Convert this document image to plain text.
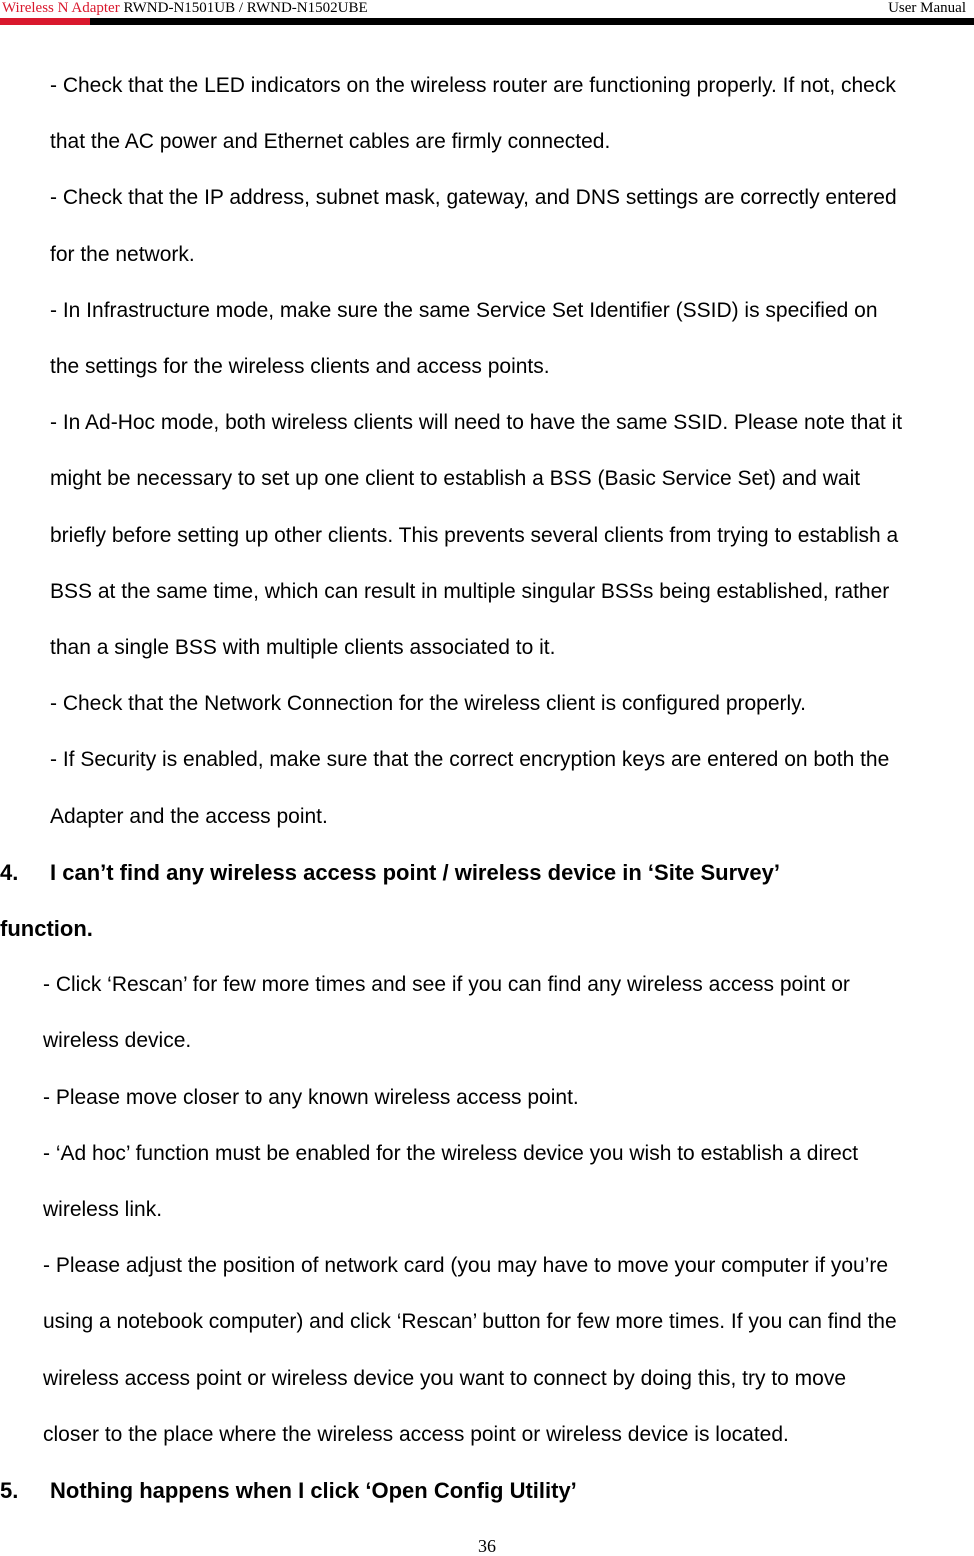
Wireless N Adapter RWND-N1501UB / RWND-N1502UBE	User Manual

- Check that the LED indicators on the wireless router are functioning properly. If not, check

that the AC power and Ethernet cables are firmly connected.

- Check that the IP address, subnet mask, gateway, and DNS settings are correctly entered

for the network.

- In Infrastructure mode, make sure the same Service Set Identifier (SSID) is specified on

the settings for the wireless clients and access points.

- In Ad-Hoc mode, both wireless clients will need to have the same SSID. Please note that it

might be necessary to set up one client to establish a BSS (Basic Service Set) and wait

briefly before setting up other clients. This prevents several clients from trying to establish a

BSS at the same time, which can result in multiple singular BSSs being established, rather

than a single BSS with multiple clients associated to it.

- Check that the Network Connection for the wireless client is configured properly.

- If Security is enabled, make sure that the correct encryption keys are entered on both the

Adapter and the access point.

4. I can’t find any wireless access point / wireless device in ‘Site Survey’

function.

- Click ‘Rescan’ for few more times and see if you can find any wireless access point or

wireless device.

- Please move closer to any known wireless access point.

- ‘Ad hoc’ function must be enabled for the wireless device you wish to establish a direct

wireless link.

- Please adjust the position of network card (you may have to move your computer if you’re

using a notebook computer) and click ‘Rescan’ button for few more times. If you can find the

wireless access point or wireless device you want to connect by doing this, try to move

closer to the place where the wireless access point or wireless device is located.

5. Nothing happens when I click ‘Open Config Utility’

36
